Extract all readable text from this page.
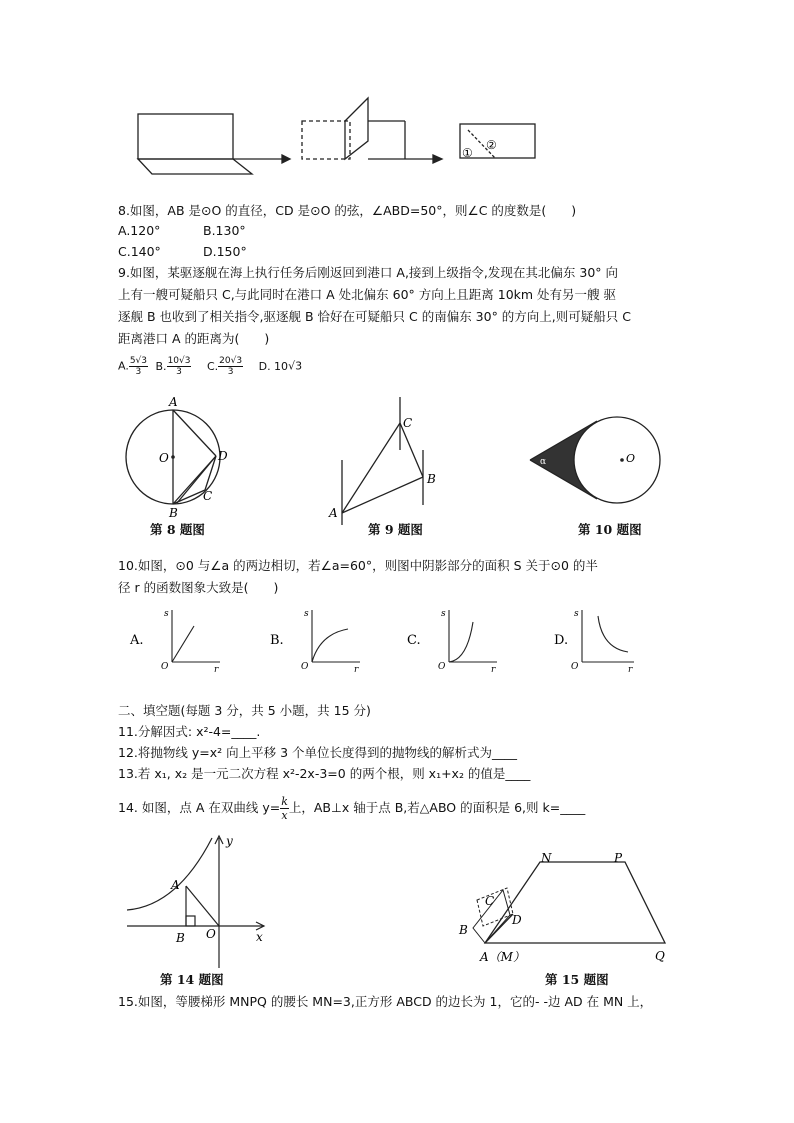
①
②
8.如图，AB 是⊙O 的直径，CD 是⊙O 的弦，∠ABD=50°，则∠C 的度数是(　　)
A.120°	B.130°
C.140°	D.150°
9.如图，某驱逐舰在海上执行任务后刚返回到港口 A,接到上级指令,发现在其北偏东 30° 向
上有一艘可疑船只 C,与此同时在港口 A 处北偏东 60° 方向上且距离 10km 处有另一艘 驱
逐舰 B 也收到了相关指令,驱逐舰 B 恰好在可疑船只 C 的南偏东 30° 的方向上,则可疑船只 C
距离港口 A 的距离为(　　)
A. $\frac{5√3}{3} B$. $\frac{10√3}{3} C$. $\frac{20√3}{3} D$. 10√3
A
O	D
B
C
第 8 题图
A
B
C
第 9 题图
O
α
第 10 题图
10.如图，⊙0 与∠a 的两边相切，若∠a=60°，则图中阴影部分的面积 S 关于⊙0 的半
径 r 的函数图象大致是(　　)
A.
s
O	r
B.
s
O	r
C.
s
O	r
D.
s
O	r
二、填空题(每题 3 分，共 5 小题，共 15 分)
11.分解因式: x²-4=____.
12.将抛物线 y=x² 向上平移 3 个单位长度得到的抛物线的解析式为____
13.若 x₁, x₂ 是一元二次方程 x²-2x-3=0 的两个根，则 x₁+x₂ 的值是____
14. 如图，点 A 在双曲线 $y= \frac{k}{x}$ 上，AB⊥x 轴于点 B,若△ABO 的面积是 6,则 k=____
y
x
A
B O
第 14 题图
N	P
C
D
B
A（M）	Q
第 15 题图
15.如图，等腰梯形 MNPQ 的腰长 MN=3,正方形 ABCD 的边长为 1，它的- -边 AD 在 MN 上，
